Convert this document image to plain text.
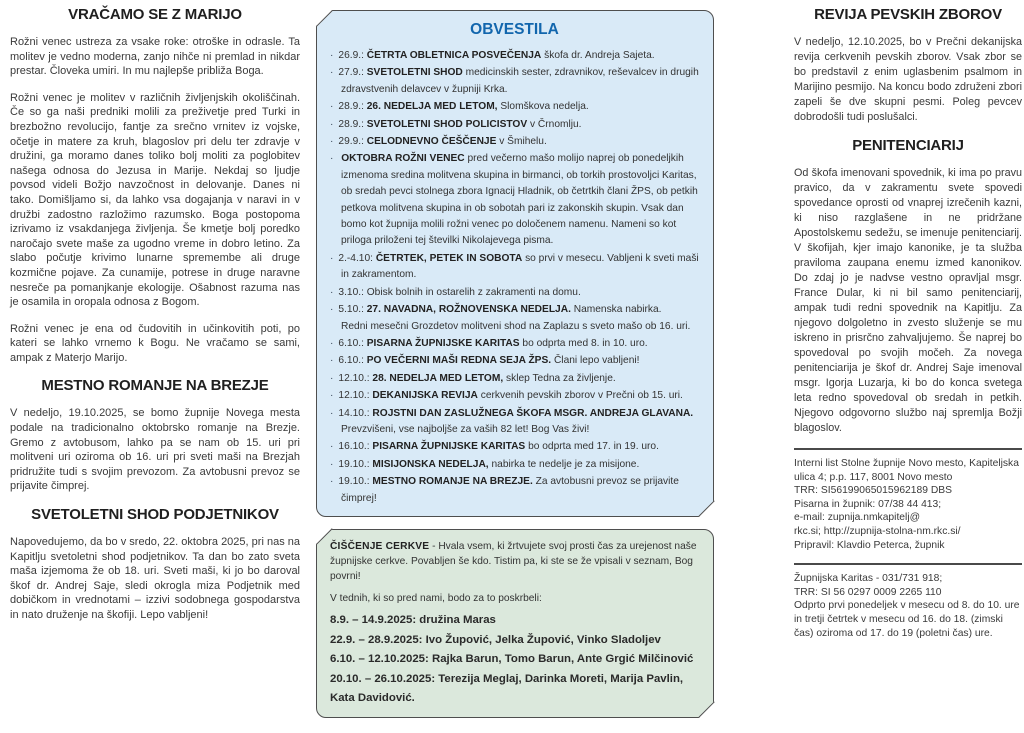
VRAČAMO SE Z MARIJO

Rožni venec ustreza za vsake roke: otroške in odrasle. Ta molitev je vedno moderna, zanjo nihče ni premlad in nikdar prestar. Človeka umiri. In mu najlepše približa Boga.

Rožni venec je molitev v različnih življenjskih okoliščinah. Če so ga naši predniki molili za preživetje pred Turki in brezbožno revolucijo, fantje za srečno vrnitev iz vojske, očetje in matere za kruh, blagoslov pri delu ter zdravje v družini, ga moramo danes toliko bolj moliti za poglobitev našega odnosa do Jezusa in Marije. Nekdaj so ljudje povsod videli Božjo navzočnost in delovanje. Danes ni tako. Domišljamo si, da lahko vsa dogajanja v naravi in v družbi zadostno razložimo razumsko. Boga postopoma izrivamo iz vsakdanjega življenja. Še kmetje bolj poredko naročajo svete maše za ugodno vreme in dobro letino. Za slabo počutje krivimo lunarne spremembe ali druge kozmične pojave. Za cunamije, potrese in druge naravne nesreče pa pomanjkanje ekologije. Ošabnost razuma nas je osamila in oropala odnosa z Bogom.

Rožni venec je ena od čudovitih in učinkovitih poti, po kateri se lahko vrnemo k Bogu. Ne vračamo se sami, ampak z Materjo Marijo.

MESTNO ROMANJE NA BREZJE

V nedeljo, 19.10.2025, se bomo župnije Novega mesta podale na tradicionalno oktobrsko romanje na Brezje. Gremo z avtobusom, lahko pa se nam ob 15. uri pri molitveni uri oziroma ob 16. uri pri sveti maši na Brezjah pridružite tudi s svojim prevozom. Za avtobusni prevoz se prijavite čimprej.

SVETOLETNI SHOD PODJETNIKOV

Napovedujemo, da bo v sredo, 22. oktobra 2025, pri nas na Kapitlju svetoletni shod podjetnikov. Ta dan bo zato sveta maša izjemoma že ob 18. uri. Sveti maši, ki jo bo daroval škof dr. Andrej Saje, sledi okrogla miza Podjetnik med dobičkom in vrednotami – izzivi sodobnega gospodarstva in nato druženje na škofiji. Lepo vabljeni!

OBVESTILA
· 26.9.: ČETRTA OBLETNICA POSVEČENJA škofa dr. Andreja Sajeta.
· 27.9.: SVETOLETNI SHOD medicinskih sester, zdravnikov, reševalcev in drugih zdravstvenih delavcev v župniji Krka.
· 28.9.: 26. NEDELJA MED LETOM, Slomškova nedelja.
· 28.9.: SVETOLETNI SHOD POLICISTOV v Črnomlju.
· 29.9.: CELODNEVNO ČEŠČENJE v Šmihelu.
· OKTOBRA ROŽNI VENEC pred večerno mašo molijo naprej ob ponedeljkih izmenoma sredina molitvena skupina in birmanci, ob torkih prostovoljci Karitas, ob sredah pevci stolnega zbora Ignacij Hladnik, ob četrtkih člani ŽPS, ob petkih petkova molitvena skupina in ob sobotah pari iz zakonskih skupin. Vsak dan bomo kot župnija molili rožni venec po določenem namenu. Nameni so kot priloga priloženi tej številki Nikolajevega pisma.
· 2.-4.10: ČETRTEK, PETEK IN SOBOTA so prvi v mesecu. Vabljeni k sveti maši in zakramentom.
· 3.10.: Obisk bolnih in ostarelih z zakramenti na domu.
· 5.10.: 27. NAVADNA, ROŽNOVENSKA NEDELJA. Namenska nabirka.
Redni mesečni Grozdetov molitveni shod na Zaplazu s sveto mašo ob 16. uri.
· 6.10.: PISARNA ŽUPNIJSKE KARITAS bo odprta med 8. in 10. uro.
· 6.10.: PO VEČERNI MAŠI REDNA SEJA ŽPS. Člani lepo vabljeni!
· 12.10.: 28. NEDELJA MED LETOM, sklep Tedna za življenje.
· 12.10.: DEKANIJSKA REVIJA cerkvenih pevskih zborov v Prečni ob 15. uri.
· 14.10.: ROJSTNI DAN ZASLUŽNEGA ŠKOFA MSGR. ANDREJA GLAVANA.
Prevzvišeni, vse najboljše za vaših 82 let! Bog Vas živi!
· 16.10.: PISARNA ŽUPNIJSKE KARITAS bo odprta med 17. in 19. uro.
· 19.10.: MISIJONSKA NEDELJA, nabirka te nedelje je za misijone.
· 19.10.: MESTNO ROMANJE NA BREZJE. Za avtobusni prevoz se prijavite čimprej!

ČIŠČENJE CERKVE - Hvala vsem, ki žrtvujete svoj prosti čas za urejenost naše župnijske cerkve. Povabljen še kdo. Tistim pa, ki ste se že vpisali v seznam, Bog povrni!

V tednih, ki so pred nami, bodo za to poskrbeli:

8.9. – 14.9.2025: družina Maras
22.9. – 28.9.2025: Ivo Župović, Jelka Župović, Vinko Sladoljev
6.10. – 12.10.2025: Rajka Barun, Tomo Barun, Ante Grgić Milčinović
20.10. – 26.10.2025: Terezija Meglaj, Darinka Moreti, Marija Pavlin, Kata Davidović.
REVIJA PEVSKIH ZBOROV

V nedeljo, 12.10.2025, bo v Prečni dekanijska revija cerkvenih pevskih zborov. Vsak zbor se bo predstavil z enim uglasbenim psalmom in Marijino pesmijo. Na koncu bodo združeni zbori zapeli še dve skupni pesmi. Poleg pevcev dobrodošli tudi poslušalci.

PENITENCIARIJ

Od škofa imenovani spovednik, ki ima po pravu pravico, da v zakramentu svete spovedi spovedance oprosti od vnaprej izrečenih kazni, ki niso razglašene in ne pridržane Apostolskemu sedežu, se imenuje penitenciarij. V škofijah, kjer imajo kanonike, je ta služba praviloma zaupana enemu izmed kanonikov. Do zdaj jo je nadvse vestno opravljal msgr. France Dular, ki ni bil samo penitenciarij, ampak tudi redni spovednik na Kapitlju. Za njegovo dolgoletno in zvesto služenje se mu iskreno in prisrčno zahvaljujemo. Še naprej bo spovedoval po svojih močeh. Za novega penitenciarija je škof dr. Andrej Saje imenoval msgr. Igorja Luzarja, ki bo do konca svetega leta redno spovedoval ob sredah in petkih. Njegovo odgovorno službo naj spremlja Božji blagoslov.

Interni list Stolne župnije Novo mesto, Kapiteljska ulica 4; p.p. 117, 8001 Novo mesto
TRR: SI56199065015962189 DBS
Pisarna in župnik: 07/38 44 413;
e-mail: zupnija.nmkapitelj@
rkc.si; http://zupnija-stolna-nm.rkc.si/
Pripravil: Klavdio Peterca, župnik
Župnijska Karitas - 031/731 918;
TRR: SI 56 0297 0009 2265 110
Odprto prvi ponedeljek v mesecu od 8. do 10. ure in tretji četrtek v mesecu od 16. do 18. (zimski čas) oziroma od 17. do 19 (poletni čas) ure.
